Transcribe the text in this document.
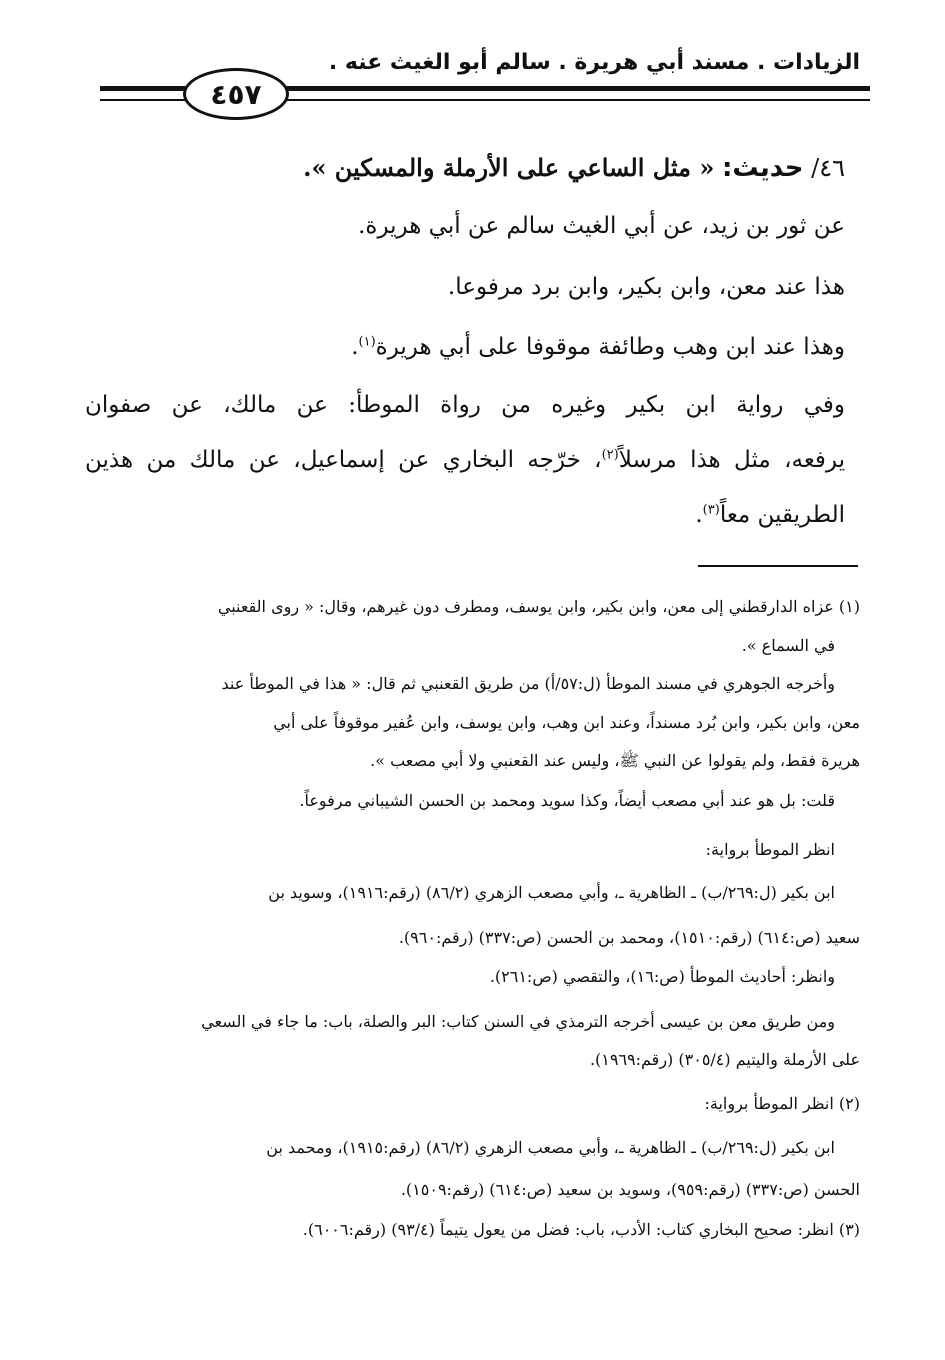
الزيادات . مسند أبي هريرة . سالم أبو الغيث عنه .
٤٥٧
٤٦/ حديث: « مثل الساعي على الأرملة والمسكين ».
عن ثور بن زيد، عن أبي الغيث سالم عن أبي هريرة.
هذا عند معن، وابن بكير، وابن برد مرفوعا.
وهذا عند ابن وهب وطائفة موقوفا على أبي هريرة$^{(١)}$.
وفي رواية ابن بكير وغيره من رواة الموطأ: عن مالك، عن صفوان
يرفعه، مثل هذا مرسلاً$^{(٢)}$، خرّجه البخاري عن إسماعيل، عن مالك من هذين
الطريقين معاً$^{(٣)}$.
(١) عزاه الدارقطني إلى معن، وابن بكير، وابن يوسف، ومطرف دون غيرهم، وقال: « روى القعنبي
في السماع ».
وأخرجه الجوهري في مسند الموطأ (ل:٥٧/أ) من طريق القعنبي ثم قال: « هذا في الموطأ عند
معن، وابن بكير، وابن بُرد مسنداً، وعند ابن وهب، وابن يوسف، وابن عُفير موقوفاً على أبي
هريرة فقط، ولم يقولوا عن النبي ﷺ، وليس عند القعنبي ولا أبي مصعب ».
قلت: بل هو عند أبي مصعب أيضاً، وكذا سويد ومحمد بن الحسن الشيباني مرفوعاً.
انظر الموطأ برواية:
ابن بكير (ل:٢٦٩/ب) ـ الظاهرية ـ، وأبي مصعب الزهري (٨٦/٢) (رقم:١٩١٦)، وسويد بن
سعيد (ص:٦١٤) (رقم:١٥١٠)، ومحمد بن الحسن (ص:٣٣٧) (رقم:٩٦٠).
وانظر: أحاديث الموطأ (ص:١٦)، والتقصي (ص:٢٦١).
ومن طريق معن بن عيسى أخرجه الترمذي في السنن كتاب: البر والصلة، باب: ما جاء في السعي
على الأرملة واليتيم (٣٠٥/٤) (رقم:١٩٦٩).
(٢) انظر الموطأ برواية:
ابن بكير (ل:٢٦٩/ب) ـ الظاهرية ـ، وأبي مصعب الزهري (٨٦/٢) (رقم:١٩١٥)، ومحمد بن
الحسن (ص:٣٣٧) (رقم:٩٥٩)، وسويد بن سعيد (ص:٦١٤) (رقم:١٥٠٩).
(٣) انظر: صحيح البخاري كتاب: الأدب، باب: فضل من يعول يتيماً (٩٣/٤) (رقم:٦٠٠٦).
